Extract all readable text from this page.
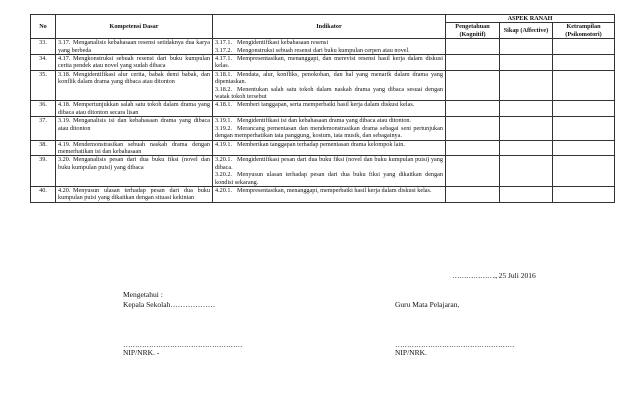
No	Kompetensi Dasar	Indikator	ASPEK RANAH		
			Pengetahuan (Kognitif)	Sikap (Affective)	Ketrampilan (Psikomotori)
33.	3.17. Menganalisis kebahasaan resensi setidaknya dua karya yang berbeda	3.17.1. Mengidentifikasi kebahasaan resensi
3.17.2. Mengonstruksi sebuah resensi dari buku kumpulan cerpen atau novel.			

34.	4.17. Mengkonstruksi sebuah resensi dari buku kumpulan cerita pendek atau novel yang sudah dibaca	4.17.1. Mempresentasikan, menanggapi, dan merevisi resensi hasil kerja dalam diskusi kelas.			

35.	3.18. Mengidentifikasi alur cerita, babak demi babak, dan konflik dalam drama yang dibaca atau ditonton	3.18.1. Mendata, alur, konfliks, penokohan, dan hal yang menarik dalam drama yang dipentaskan.
3.18.2. Menentukan salah satu tokoh dalam naskah drama yang dibaca sesuai dengan watak tokoh tersebut			

36.	4.18. Mempertunjukkan salah satu tokoh dalam drama yang dibaca atau ditonton secara lisan	4.18.1. Memberi tanggapan, serta memperbaiki hasil kerja dalam diskusi kelas.			

37.	3.19. Menganalisis isi dan kebahasaan drama yang dibaca atau ditonton	3.19.1. Mengidentifikasi isi dan kebahasaan drama yang dibaca atau ditonton.
3.19.2. Merancang pementasan dan mendemonstrasikan drama sebagai seni pertunjukan dengan memperhatikan tata panggung, kostum, tata musik, dan sebagainya.			

38.	4.19. Mendemonstrasikan sebuah naskah drama dengan memerhatikan isi dan kebahasaan	4.19.1. Memberikan tanggapan terhadap pementasan drama kelompok lain.			

39.	3.20. Menganalisis pesan dari dua buku fiksi (novel dan buku kumpulan puisi) yang dibaca	3.20.1. Mengidentifikasi pesan dari dua buku fiksi (novel dan buku kumpulan puisi) yang dibaca.
3.20.2. Menyusun ulasan terhadap pesan dari dua buku fiksi yang dikaitkan dengan kondisi sekarang.			

40.	4.20. Menyusun ulasan terhadap pesan dari dua buku kumpulan puisi yang dikaitkan dengan situasi kekinian	4.20.1. Mempresentasikan, menanggapi, memperbaiki hasil kerja dalam diskusi kelas.			

………………., 25 Juli 2016
Mengetahui :
Kepala Sekolah………………	Guru Mata Pelajaran,
……………………………………………	……………………………………………
NIP/NRK. -	NIP/NRK.
